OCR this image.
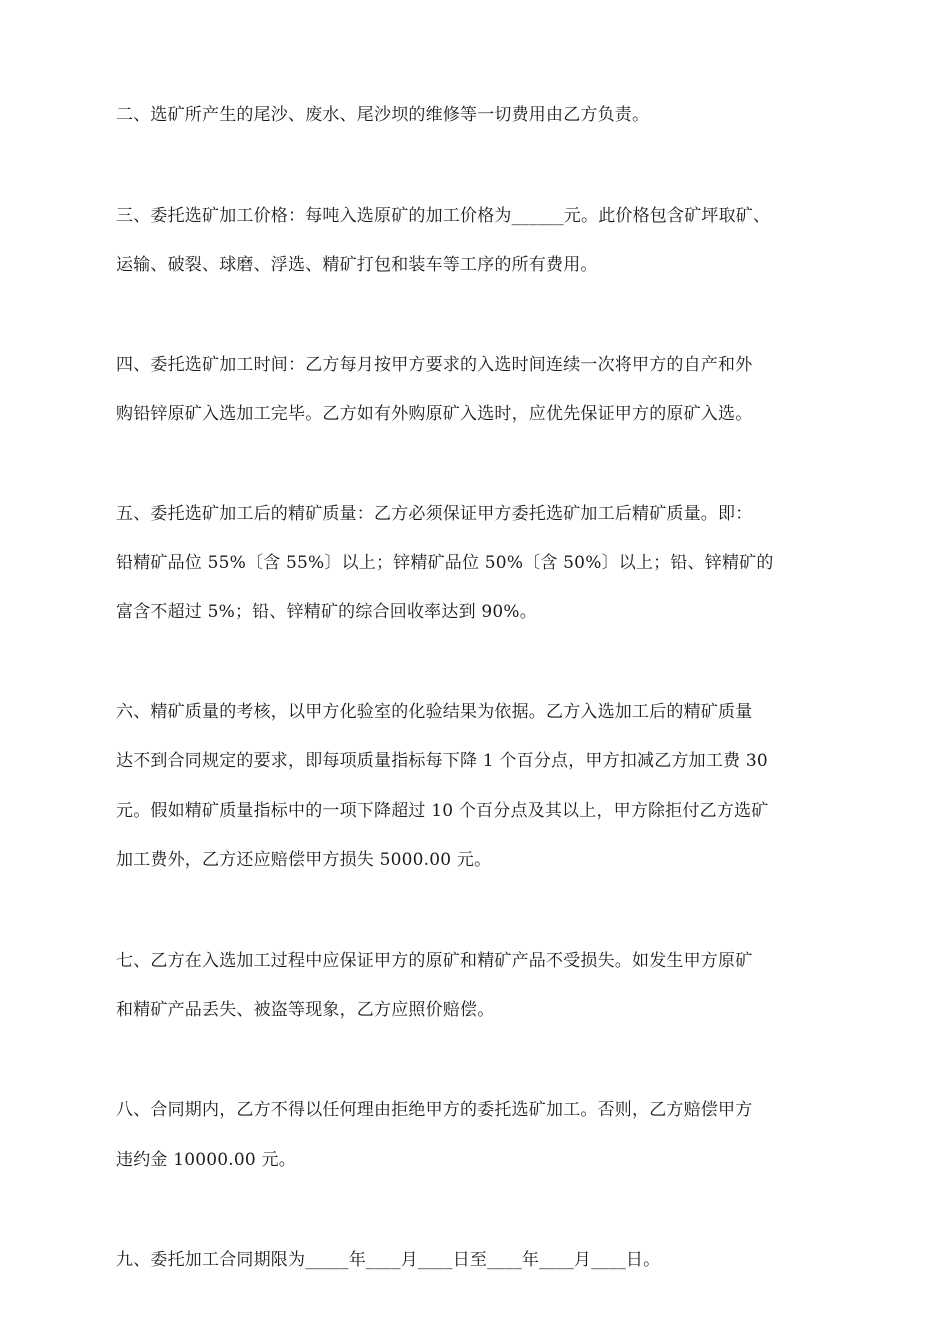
二、选矿所产生的尾沙、废水、尾沙坝的维修等一切费用由乙方负责。
三、委托选矿加工价格：每吨入选原矿的加工价格为______元。此价格包含矿坪取矿、
运输、破裂、球磨、浮选、精矿打包和装车等工序的所有费用。
四、委托选矿加工时间：乙方每月按甲方要求的入选时间连续一次将甲方的自产和外
购铅锌原矿入选加工完毕。乙方如有外购原矿入选时，应优先保证甲方的原矿入选。
五、委托选矿加工后的精矿质量：乙方必须保证甲方委托选矿加工后精矿质量。即：
铅精矿品位 55%〔含 55%〕以上；锌精矿品位 50%〔含 50%〕以上；铅、锌精矿的
富含不超过 5%；铅、锌精矿的综合回收率达到 90%。
六、精矿质量的考核，以甲方化验室的化验结果为依据。乙方入选加工后的精矿质量
达不到合同规定的要求，即每项质量指标每下降 1 个百分点，甲方扣减乙方加工费 30
元。假如精矿质量指标中的一项下降超过 10 个百分点及其以上，甲方除拒付乙方选矿
加工费外，乙方还应赔偿甲方损失 5000.00 元。
七、乙方在入选加工过程中应保证甲方的原矿和精矿产品不受损失。如发生甲方原矿
和精矿产品丢失、被盗等现象，乙方应照价赔偿。
八、合同期内，乙方不得以任何理由拒绝甲方的委托选矿加工。否则，乙方赔偿甲方
违约金 10000.00 元。
九、委托加工合同期限为_____年____月____日至____年____月____日。
